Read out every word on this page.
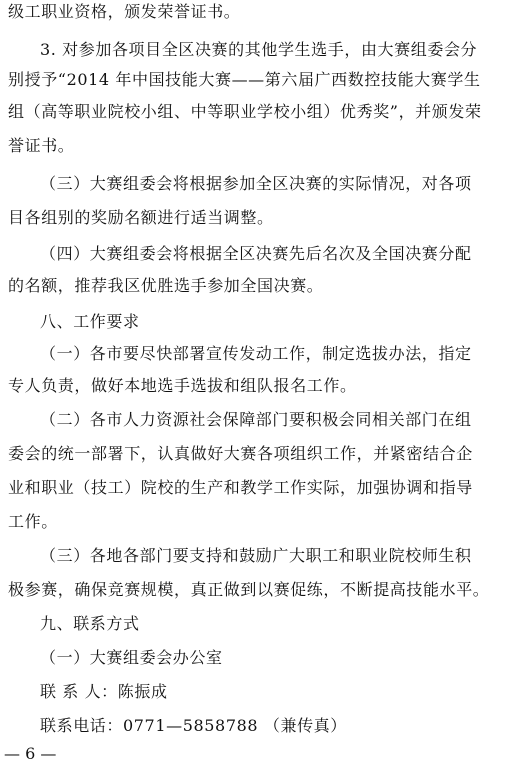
级工职业资格，颁发荣誉证书。
3. 对参加各项目全区决赛的其他学生选手，由大赛组委会分
别授予“2014 年中国技能大赛——第六届广西数控技能大赛学生
组（高等职业院校小组、中等职业学校小组）优秀奖”，并颁发荣
誉证书。
（三）大赛组委会将根据参加全区决赛的实际情况，对各项
目各组别的奖励名额进行适当调整。
（四）大赛组委会将根据全区决赛先后名次及全国决赛分配
的名额，推荐我区优胜选手参加全国决赛。
八、工作要求
（一）各市要尽快部署宣传发动工作，制定选拔办法，指定
专人负责，做好本地选手选拔和组队报名工作。
（二）各市人力资源社会保障部门要积极会同相关部门在组
委会的统一部署下，认真做好大赛各项组织工作，并紧密结合企
业和职业（技工）院校的生产和教学工作实际，加强协调和指导
工作。
（三）各地各部门要支持和鼓励广大职工和职业院校师生积
极参赛，确保竞赛规模，真正做到以赛促练，不断提高技能水平。
九、联系方式
（一）大赛组委会办公室
联 系 人：陈振成
联系电话：0771—5858788 （兼传真）
— 6 —
